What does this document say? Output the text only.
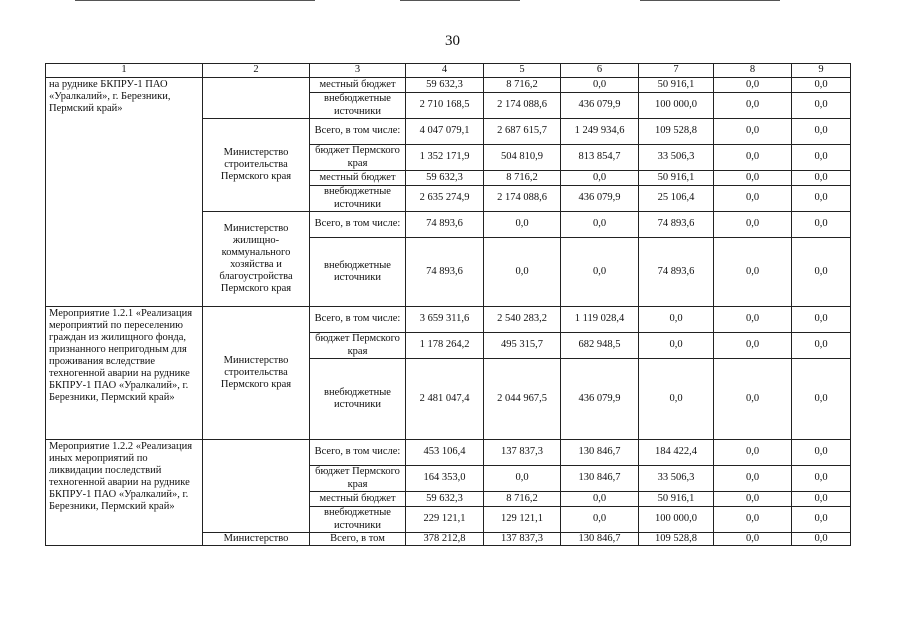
30
1	2	3	4	5	6	7	8	9
на руднике БКПРУ-1 ПАО «Уралкалий», г. Березники, Пермский край»		местный бюджет	59 632,3	8 716,2	0,0	50 916,1	0,0	0,0
		внебюджетные источники	2 710 168,5	2 174 088,6	436 079,9	100 000,0	0,0	0,0
	Министерство строительства Пермского края	Всего, в том числе:	4 047 079,1	2 687 615,7	1 249 934,6	109 528,8	0,0	0,0
		бюджет Пермского края	1 352 171,9	504 810,9	813 854,7	33 506,3	0,0	0,0
		местный бюджет	59 632,3	8 716,2	0,0	50 916,1	0,0	0,0
		внебюджетные источники	2 635 274,9	2 174 088,6	436 079,9	25 106,4	0,0	0,0
	Министерство жилищно-коммунального хозяйства и благоустройства Пермского края	Всего, в том числе:	74 893,6	0,0	0,0	74 893,6	0,0	0,0
		внебюджетные источники	74 893,6	0,0	0,0	74 893,6	0,0	0,0
Мероприятие 1.2.1 «Реализация мероприятий по переселению граждан из жилищного фонда, признанного непригодным для проживания вследствие техногенной аварии на руднике БКПРУ-1 ПАО «Уралкалий», г. Березники, Пермский край»	Министерство строительства Пермского края	Всего, в том числе:	3 659 311,6	2 540 283,2	1 119 028,4	0,0	0,0	0,0
		бюджет Пермского края	1 178 264,2	495 315,7	682 948,5	0,0	0,0	0,0
		внебюджетные источники	2 481 047,4	2 044 967,5	436 079,9	0,0	0,0	0,0
Мероприятие 1.2.2 «Реализация иных мероприятий по ликвидации последствий техногенной аварии на руднике БКПРУ-1 ПАО «Уралкалий», г. Березники, Пермский край»		Всего, в том числе:	453 106,4	137 837,3	130 846,7	184 422,4	0,0	0,0
		бюджет Пермского края	164 353,0	0,0	130 846,7	33 506,3	0,0	0,0
		местный бюджет	59 632,3	8 716,2	0,0	50 916,1	0,0	0,0
		внебюджетные источники	229 121,1	129 121,1	0,0	100 000,0	0,0	0,0
	Министерство	Всего, в том	378 212,8	137 837,3	130 846,7	109 528,8	0,0	0,0
